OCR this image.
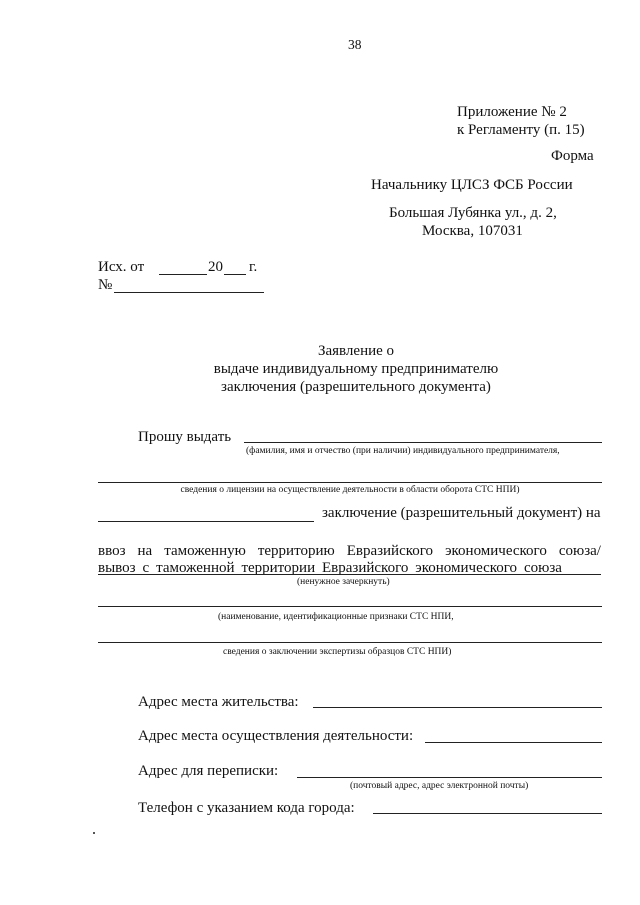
38
Приложение № 2
к Регламенту (п. 15)
Форма
Начальнику ЦЛСЗ ФСБ России
Большая Лубянка ул., д. 2,
Москва, 107031
Исх. от	20 г.
№
Заявление о
выдаче индивидуальному предпринимателю
заключения (разрешительного документа)
Прошу выдать
(фамилия, имя и отчество (при наличии) индивидуального предпринимателя,
сведения о лицензии на осуществление деятельности в области оборота СТС НПИ)
заключение (разрешительный документ) на
ввоз на таможенную территорию Евразийского экономического союза/
вывоз с таможенной территории Евразийского экономического союза
(ненужное зачеркнуть)
(наименование, идентификационные признаки СТС НПИ,
сведения о заключении экспертизы образцов СТС НПИ)
Адрес места жительства:
Адрес места осуществления деятельности:
Адрес для переписки:
(почтовый адрес, адрес электронной почты)
Телефон с указанием кода города:
